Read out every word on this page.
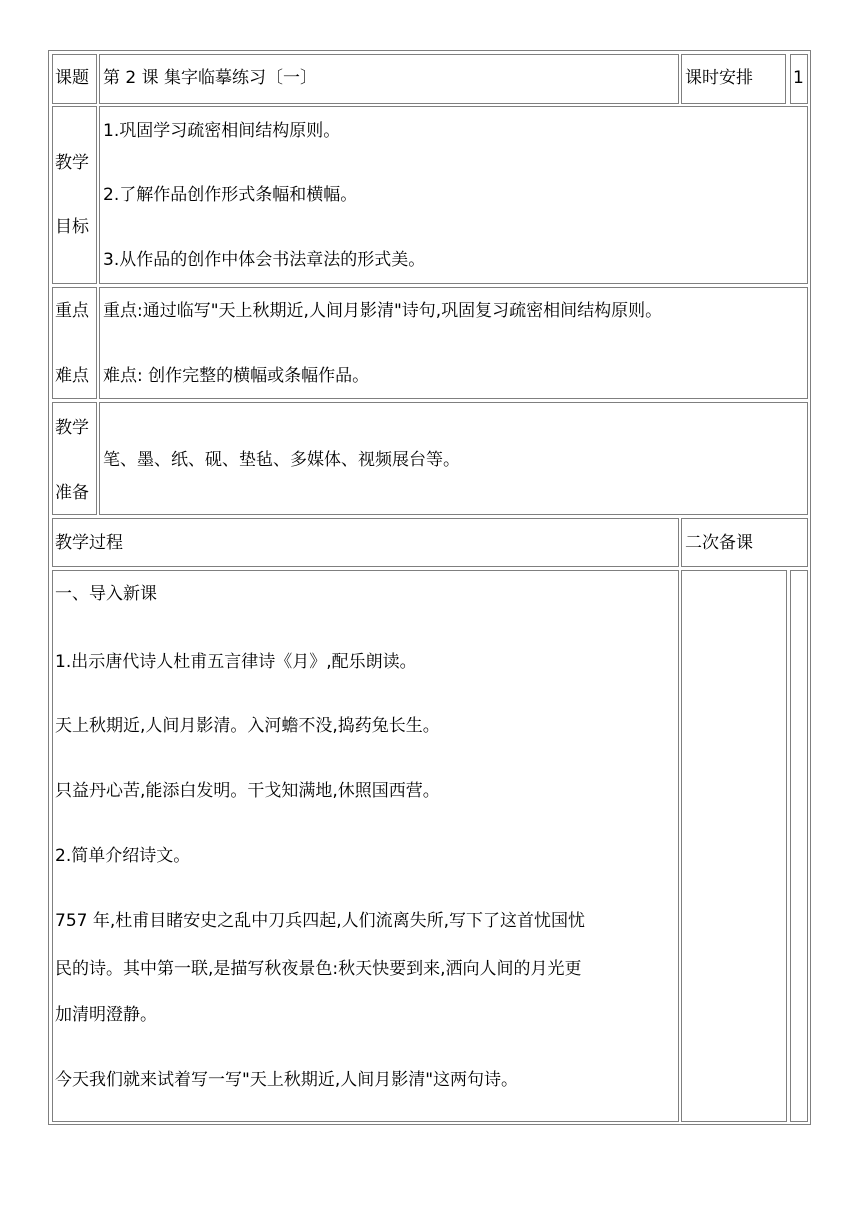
课题 第 2 课 集字临摹练习〔一〕	课时安排 1
教学
目标
1.巩固学习疏密相间结构原则。
2.了解作品创作形式条幅和横幅。
3.从作品的创作中体会书法章法的形式美。
重点
难点
重点:通过临写"天上秋期近,人间月影清"诗句,巩固复习疏密相间结构原则。
难点: 创作完整的横幅或条幅作品。
教学
准备
笔、墨、纸、砚、垫毡、多媒体、视频展台等。
教学过程	二次备课
一、导入新课
1.出示唐代诗人杜甫五言律诗《月》,配乐朗读。
天上秋期近,人间月影清。入河蟾不没,捣药兔长生。
只益丹心苦,能添白发明。干戈知满地,休照国西营。
2.简单介绍诗文。
757 年,杜甫目睹安史之乱中刀兵四起,人们流离失所,写下了这首忧国忧
民的诗。其中第一联,是描写秋夜景色:秋天快要到来,洒向人间的月光更
加清明澄静。
今天我们就来试着写一写"天上秋期近,人间月影清"这两句诗。
